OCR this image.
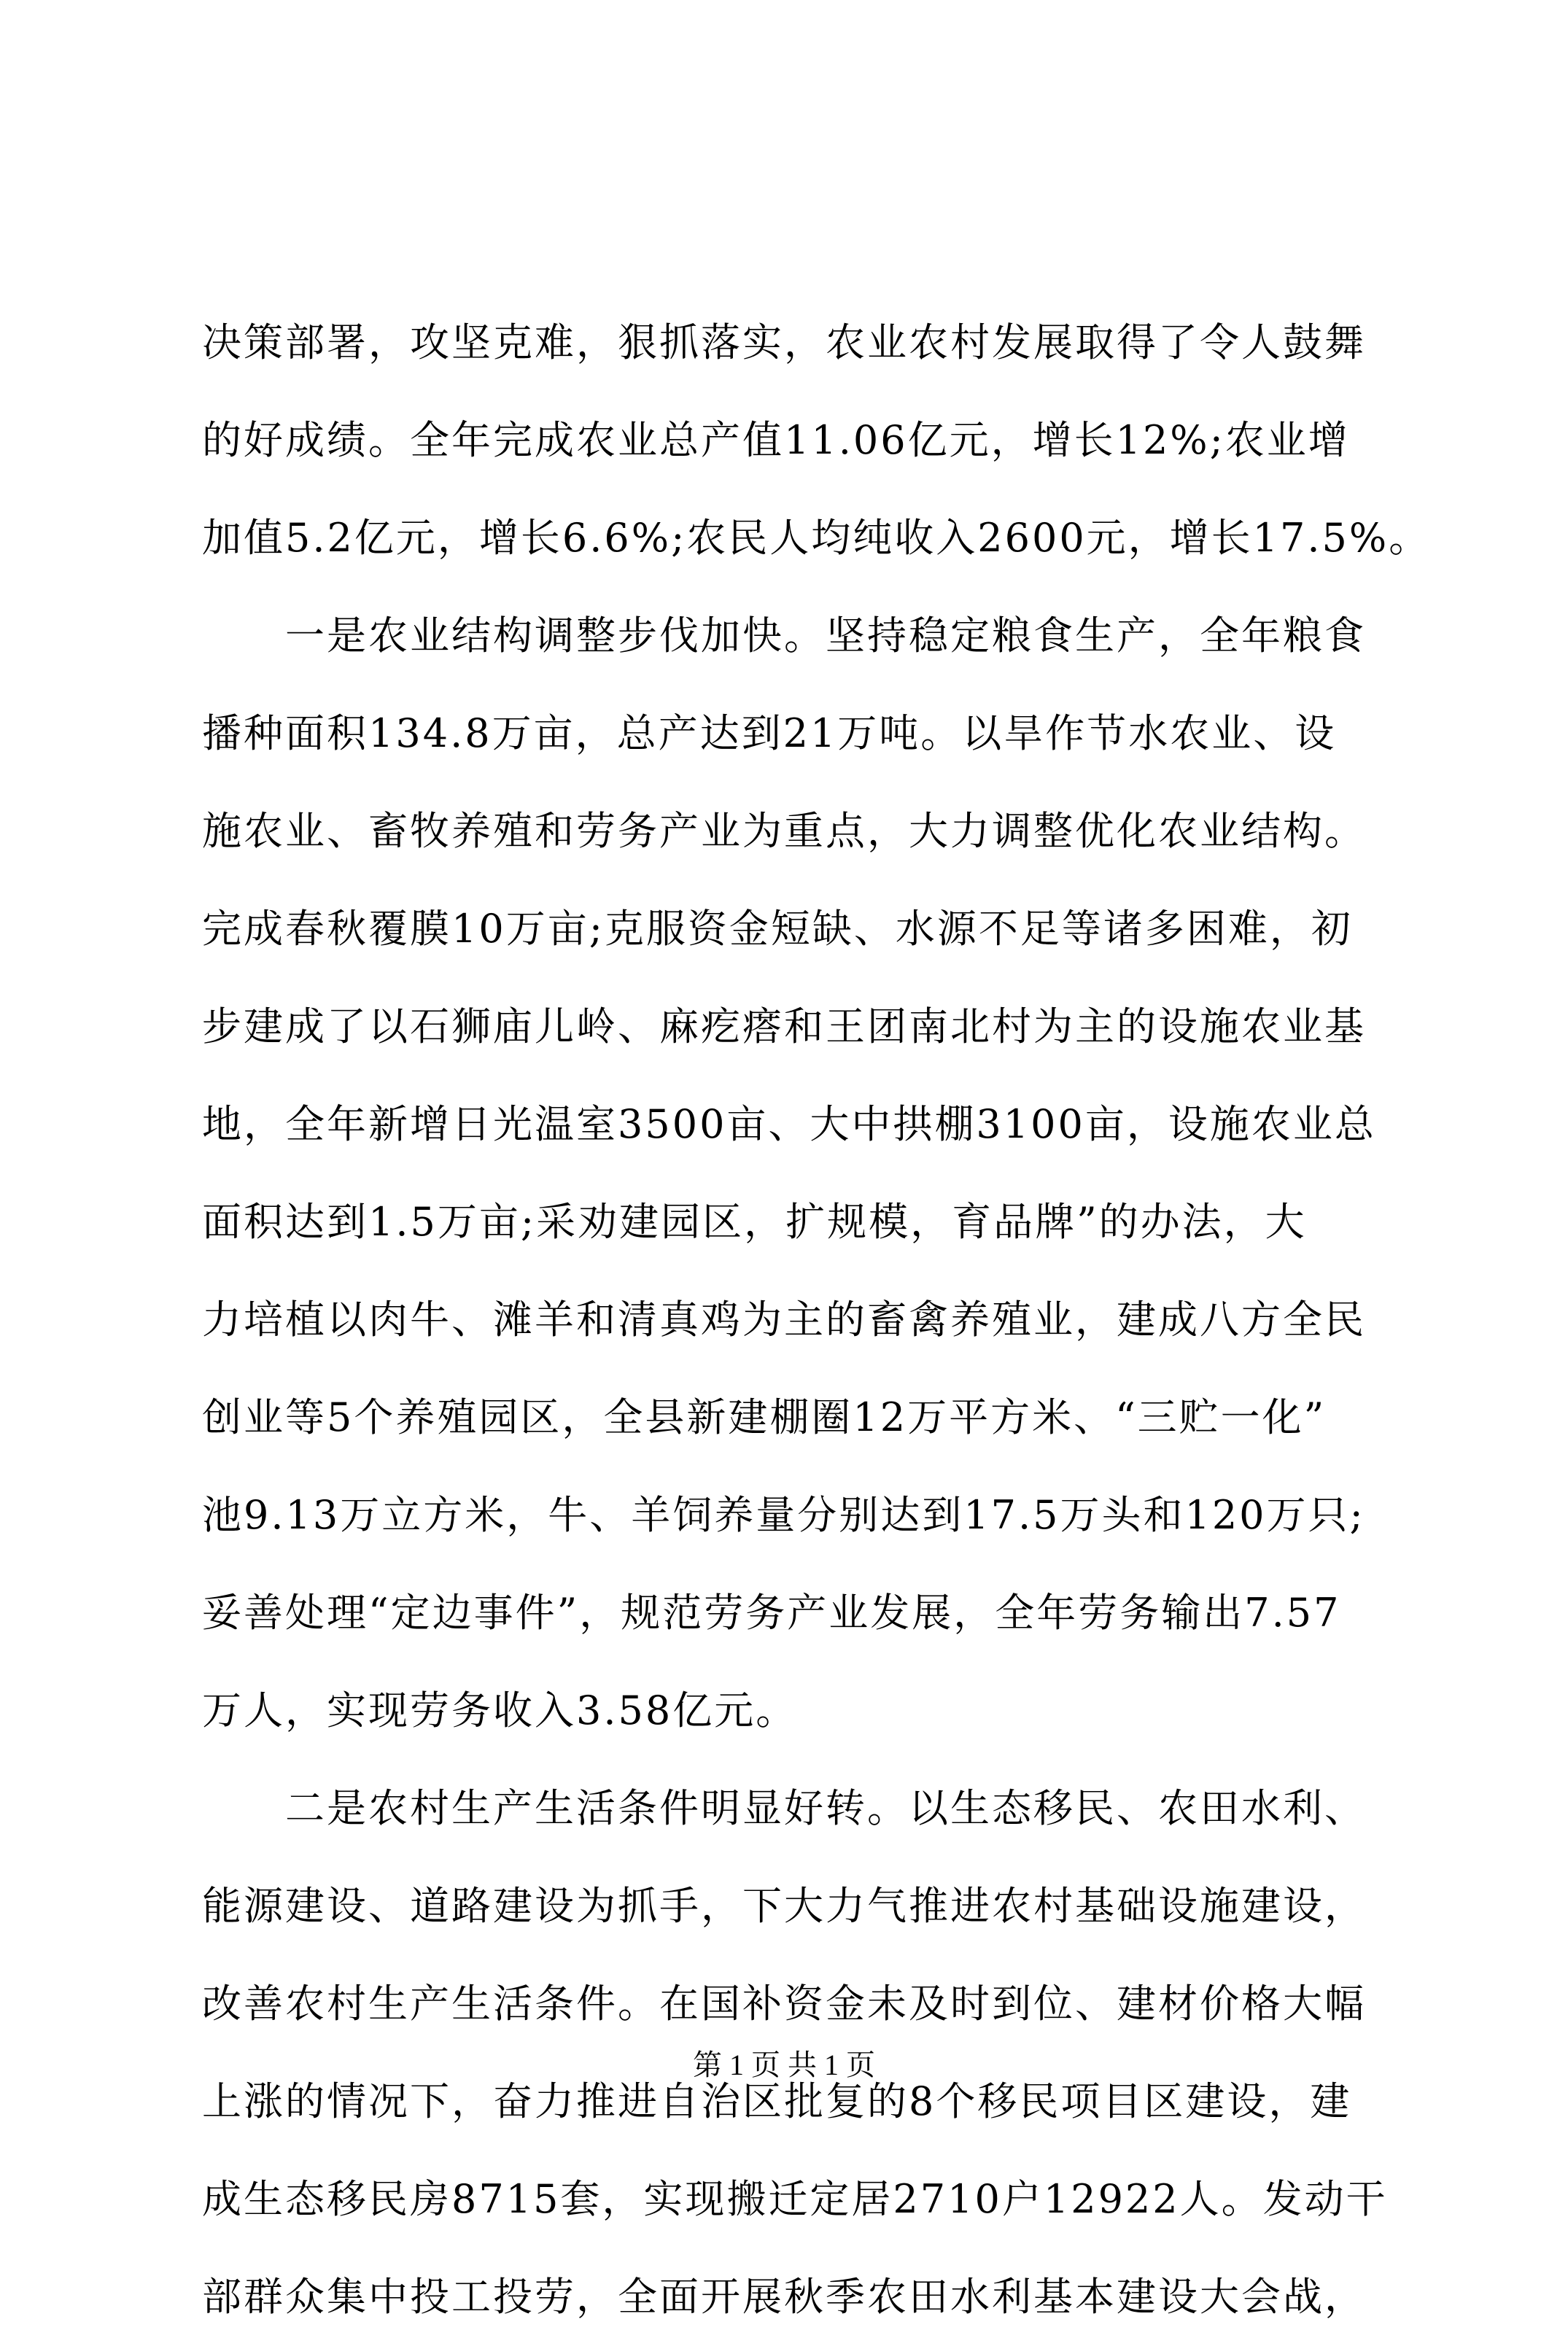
决策部署，攻坚克难，狠抓落实，农业农村发展取得了令人鼓舞
的好成绩。全年完成农业总产值11.06亿元，增长12%;农业增
加值5.2亿元，增长6.6%;农民人均纯收入2600元，增长17.5%。
　　一是农业结构调整步伐加快。坚持稳定粮食生产，全年粮食
播种面积134.8万亩，总产达到21万吨。以旱作节水农业、设
施农业、畜牧养殖和劳务产业为重点，大力调整优化农业结构。
完成春秋覆膜10万亩;克服资金短缺、水源不足等诸多困难，初
步建成了以石狮庙儿岭、麻疙瘩和王团南北村为主的设施农业基
地，全年新增日光温室3500亩、大中拱棚3100亩，设施农业总
面积达到1.5万亩;采劝建园区，扩规模，育品牌”的办法，大
力培植以肉牛、滩羊和清真鸡为主的畜禽养殖业，建成八方全民
创业等5个养殖园区，全县新建棚圈12万平方米、“三贮一化”
池9.13万立方米，牛、羊饲养量分别达到17.5万头和120万只;
妥善处理“定边事件”，规范劳务产业发展，全年劳务输出7.57
万人，实现劳务收入3.58亿元。
　　二是农村生产生活条件明显好转。以生态移民、农田水利、
能源建设、道路建设为抓手，下大力气推进农村基础设施建设，
改善农村生产生活条件。在国补资金未及时到位、建材价格大幅
上涨的情况下，奋力推进自治区批复的8个移民项目区建设，建
成生态移民房8715套，实现搬迁定居2710户12922人。发动干
部群众集中投工投劳，全面开展秋季农田水利基本建设大会战，
第 1 页 共 1 页
